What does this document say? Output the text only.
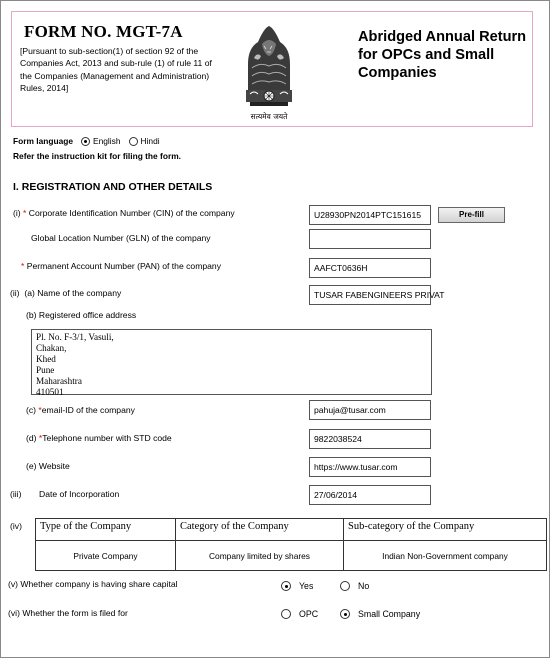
FORM NO. MGT-7A
[Pursuant to sub-section(1) of section 92 of the Companies Act, 2013 and sub-rule (1) of rule 11 of the Companies (Management and Administration) Rules, 2014]
सत्यमेव जयते
Abridged Annual Return for OPCs and Small Companies
Form language English Hindi
Refer the instruction kit for filing the form.
I. REGISTRATION AND OTHER DETAILS
(i) * Corporate Identification Number (CIN) of the company	U28930PN2014PTC151615	Pre-fill
Global Location Number (GLN) of the company
* Permanent Account Number (PAN) of the company	AAFCT0636H
(ii) (a) Name of the company	TUSAR FABENGINEERS PRIVAT
(b) Registered office address
Pl. No. F-3/1, Vasuli,
Chakan,
Khed
Pune
Maharashtra
410501
(c) *email-ID of the company	pahuja@tusar.com
(d) *Telephone number with STD code	9822038524
(e) Website	https://www.tusar.com
(iii) Date of Incorporation	27/06/2014
(iv) Type of the Company	Category of the Company	Sub-category of the Company
Private Company	Company limited by shares	Indian Non-Government company
(v) Whether company is having share capital	Yes	No
(vi) Whether the form is filed for	OPC	Small Company
